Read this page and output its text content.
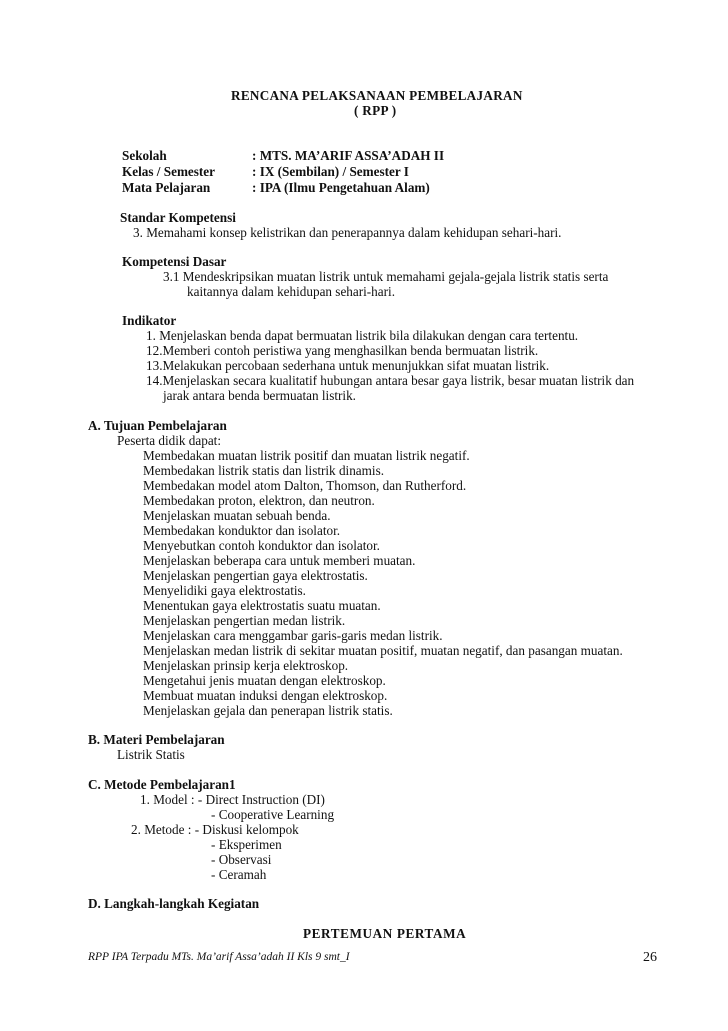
RENCANA PELAKSANAAN PEMBELAJARAN
( RPP )
Sekolah	: MTS. MA’ARIF ASSA’ADAH II
Kelas / Semester	: IX (Sembilan) / Semester I
Mata Pelajaran	: IPA (Ilmu Pengetahuan Alam)
Standar Kompetensi
3. Memahami konsep kelistrikan dan penerapannya dalam kehidupan sehari-hari.
Kompetensi Dasar
3.1 Mendeskripsikan muatan listrik untuk memahami gejala-gejala listrik statis serta
kaitannya dalam kehidupan sehari-hari.
Indikator
1. Menjelaskan benda dapat bermuatan listrik bila dilakukan dengan cara tertentu.
12.Memberi contoh peristiwa yang menghasilkan benda bermuatan listrik.
13.Melakukan percobaan sederhana untuk menunjukkan sifat muatan listrik.
14.Menjelaskan secara kualitatif hubungan antara besar gaya listrik, besar muatan listrik dan
jarak antara benda bermuatan listrik.
A. Tujuan Pembelajaran
Peserta didik dapat:
Membedakan muatan listrik positif dan muatan listrik negatif.
Membedakan listrik statis dan listrik dinamis.
Membedakan model atom Dalton, Thomson, dan Rutherford.
Membedakan proton, elektron, dan neutron.
Menjelaskan muatan sebuah benda.
Membedakan konduktor dan isolator.
Menyebutkan contoh konduktor dan isolator.
Menjelaskan beberapa cara untuk memberi muatan.
Menjelaskan pengertian gaya elektrostatis.
Menyelidiki gaya elektrostatis.
Menentukan gaya elektrostatis suatu muatan.
Menjelaskan pengertian medan listrik.
Menjelaskan cara menggambar garis-garis medan listrik.
Menjelaskan medan listrik di sekitar muatan positif, muatan negatif, dan pasangan muatan.
Menjelaskan prinsip kerja elektroskop.
Mengetahui jenis muatan dengan elektroskop.
Membuat muatan induksi dengan elektroskop.
Menjelaskan gejala dan penerapan listrik statis.
B. Materi Pembelajaran
Listrik Statis
C. Metode Pembelajaran1
1. Model : - Direct Instruction (DI)
- Cooperative Learning
2. Metode : - Diskusi kelompok
- Eksperimen
- Observasi
- Ceramah
D. Langkah-langkah Kegiatan
PERTEMUAN PERTAMA
RPP IPA Terpadu MTs. Ma’arif Assa’adah II Kls 9 smt_I	26
